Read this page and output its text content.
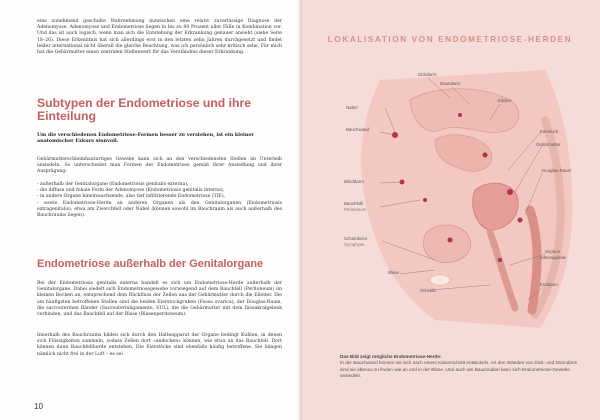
eine zunehmend geschulte Wahrnehmung inzwischen eine relativ zuverlässige Diagnose der Adenomyose. Adenomyose und Endometriose liegen in bis zu 80 Prozent aller Fälle in Kombination vor. Und das ist auch logisch, wenn man sich die Entstehung der Erkrankung genauer ansieht (siehe Seite 18–26). Diese Erkenntnis hat sich allerdings erst in den letzten zehn Jahren durchgesetzt und findet leider international nicht überall die gleiche Beachtung, was ich persönlich sehr kritisch sehe. Für mich hat die Gebärmutter einen zentralen Stellenwert für das Verständnis dieser Erkrankung.

Subtypen der Endometriose und ihre Einteilung

Um die verschiedenen Endometriose-Formen besser zu verstehen, ist ein kleiner anatomischer Exkurs sinnvoll.

Gebärmutterschleimhautartiges Gewebe kann sich an den verschiedensten Stellen im Unterleib ansiedeln. So unterscheidet man Formen der Endometriose gemäß ihrer Ansiedlung und ihrer Ausprägung:

- außerhalb der Genitalorgane (Endometriosis genitalis externa),
- die diffuse und fokale Form der Adenomyose (Endometriosis genitalis interna),
- in andere Organe hineinwachsende, also tief infiltrierende Endometriose (TIE),
- sowie Endometriose-Herde an anderen Organen als den Genitalorganen (Endometriosis extragenitalis), etwa am Zwerchfell oder Nabel (können sowohl im Bauchraum als auch außerhalb des Bauchraums liegen).
Endometriose außerhalb der Genitalorgane

Bei der Endometriosis genitalis externa handelt es sich um Endometriose-Herde außerhalb der Genitalorgane. Dabei siedelt sich Endometriosegewebe vorwiegend auf dem Bauchfell (Peritoneum) im kleinen Becken an, entsprechend dem Rückfluss der Zellen aus der Gebärmutter durch die Eileiter. Die am häufigsten betroffenen Stellen sind die beiden Eierstockgruben (Fossa ovarica), der Douglas-Raum, die sacrouterinen Bänder (Sacrouterinligamente, SUL), die die Gebärmutter mit dem Iliosakralgelenk verbinden, und das Bauchfell auf der Blase (Blasenperitoneum).

Innerhalb des Bauchraums bilden sich durch den Halteapparat der Organe bedingt Kuhlen, in denen sich Flüssigkeiten sammeln, sodass Zellen dort »andocken« können, wie etwa an das Bauchfell. Dort können dann Bauchfellherde entstehen. Die Eierstöcke sind ebenfalls häufig betroffene. Sie hängen nämlich nicht frei in der Luft – es sei

10
LOKALISATION VON ENDOMETRIOSE-HERDEN
Dickdarm
Dünndarm
Eileiter
Nabel
Bauchwand	Eierstock
Gebärmutter
Blinddarm
Douglas-Raum
Bauchfell/
Peritoneum
Schambein/
Symphyse
Septum
rektovaginale
Blase
Scheide
Enddarm

Das Bild zeigt mögliche Endometriose-Herde:
In der Bauchwand können sie sich nach einem Kaiserschnitt entwickeln. An den Wänden von Dick- und Dünndarm sind sie ebenso zu finden wie an und in der Blase. Und auch am Bauchnabel kann sich Endometriose-Gewebe ansiedeln.
